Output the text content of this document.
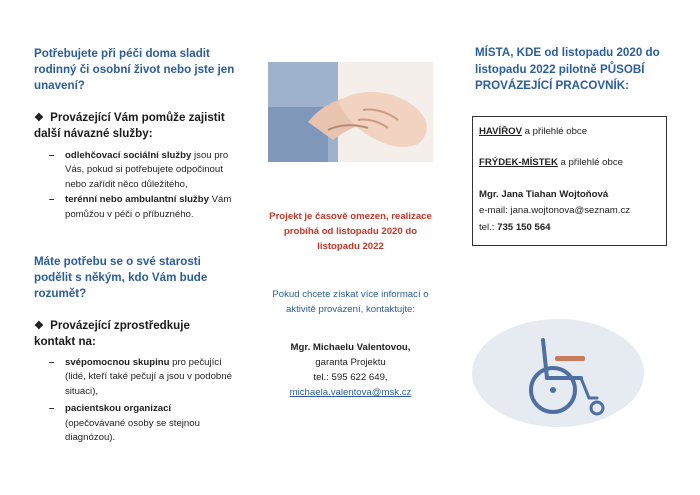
Potřebujete při péči doma sladit rodinný či osobní život nebo jste jen unavení?

❖ Provázející Vám pomůže zajistit další návazné služby:

– odlehčovací sociální služby jsou pro Vás, pokud si potřebujete odpočinout nebo zařídit něco důležitého,
– terénní nebo ambulantní služby Vám pomůžou v péči o příbuzného.

Máte potřebu se o své starosti podělit s někým, kdo Vám bude rozumět?

❖ Provázející zprostředkuje kontakt na:

– svépomocnou skupinu pro pečující (lidé, kteří také pečují a jsou v podobné situaci),
– pacientskou organizací (opečovávané osoby se stejnou diagnózou).

Projekt je časově omezen, realizace probíhá od listopadu 2020 do listopadu 2022

Pokud chcete získat více informací o aktivitě provázení, kontaktujte:

Mgr. Michaelu Valentovou,

garanta Projektu

tel.: 595 622 649,

michaela.valentova@msk.cz

MÍSTA, KDE od listopadu 2020 do listopadu 2022 pilotně PŮSOBÍ PROVÁZEJÍCÍ PRACOVNÍK:

HAVÍŘOV a přilehlé obce

FRÝDEK-MÍSTEK a přilehlé obce

Mgr. Jana Tiahan Wojtoňová

e-mail: jana.wojtonova@seznam.cz

tel.: 735 150 564
